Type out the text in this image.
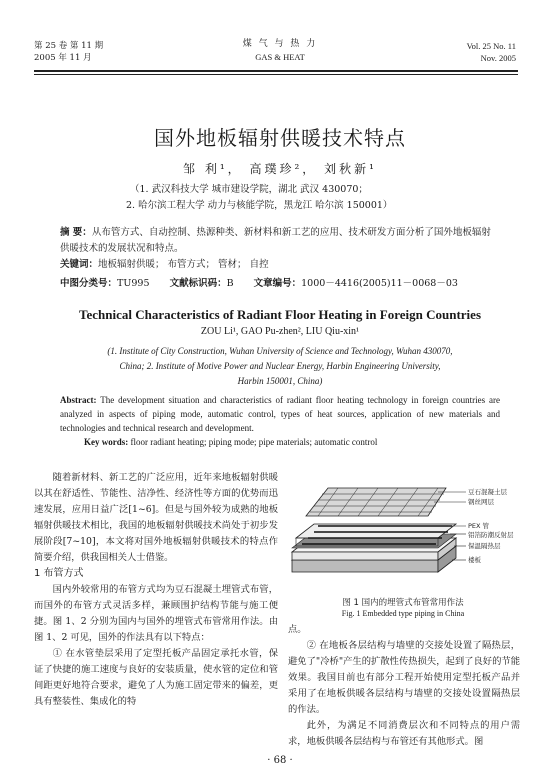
第 25 卷 第 11 期
2005 年 11 月
煤 气 与 热 力
GAS & HEAT
Vol. 25 No. 11
Nov. 2005
国外地板辐射供暖技术特点
邹 利¹， 高璞珍²， 刘秋新¹
（1. 武汉科技大学 城市建设学院，湖北 武汉 430070；
2. 哈尔滨工程大学 动力与核能学院，黑龙江 哈尔滨 150001）
摘 要：从布管方式、自动控制、热源种类、新材料和新工艺的应用、技术研发方面分析了国外地板辐射供暖技术的发展状况和特点。
关键词：地板辐射供暖； 布管方式； 管材； 自控
中图分类号：TU995 文献标识码：B 文章编号：1000－4416(2005)11－0068－03
Technical Characteristics of Radiant Floor Heating in Foreign Countries
ZOU Li¹, GAO Pu-zhen², LIU Qiu-xin¹
(1. Institute of City Construction, Wuhan University of Science and Technology, Wuhan 430070,
China; 2. Institute of Motive Power and Nuclear Energy, Harbin Engineering University,
Harbin 150001, China)
Abstract: The development situation and characteristics of radiant floor heating technology in foreign countries are analyzed in aspects of piping mode, automatic control, types of heat sources, application of new materials and technologies and technical research and development.
Key words: floor radiant heating; piping mode; pipe materials; automatic control

随着新材料、新工艺的广泛应用，近年来地板辐射供暖以其在舒适性、节能性、洁净性、经济性等方面的优势而迅速发展，应用日益广泛[1~6]。但是与国外较为成熟的地板辐射供暖技术相比，我国的地板辐射供暖技术尚处于初步发展阶段[7~10]，本文将对国外地板辐射供暖技术的特点作简要介绍，供我国相关人士借鉴。

1 布管方式

国内外较常用的布管方式均为豆石混凝土埋管式布管，而国外的布管方式灵活多样，兼顾围护结构节能与施工便捷。图 1、2 分别为国内与国外的埋管式布管常用作法。由图 1、2 可见，国外的作法具有以下特点：

① 在水管垫层采用了定型托板产品固定承托水管，保证了快捷的施工速度与良好的安装质量，使水管的定位和管间距更好地符合要求，避免了人为施工固定带来的偏差，更具有整装性、集成化的特

豆石混凝土层
钢丝网层
PEX 管
铝箔防潮反射层
保温隔热层
楼板
图 1 国内的埋管式布管常用作法
Fig. 1 Embedded type piping in China

点。

② 在地板各层结构与墙壁的交接处设置了隔热层，避免了"冷桥"产生的扩散性传热损失，起到了良好的节能效果。我国目前也有部分工程开始使用定型托板产品并采用了在地板供暖各层结构与墙壁的交接处设置隔热层的作法。

此外，为满足不同消费层次和不同特点的用户需求，地板供暖各层结构与布管还有其他形式。图

· 68 ·
